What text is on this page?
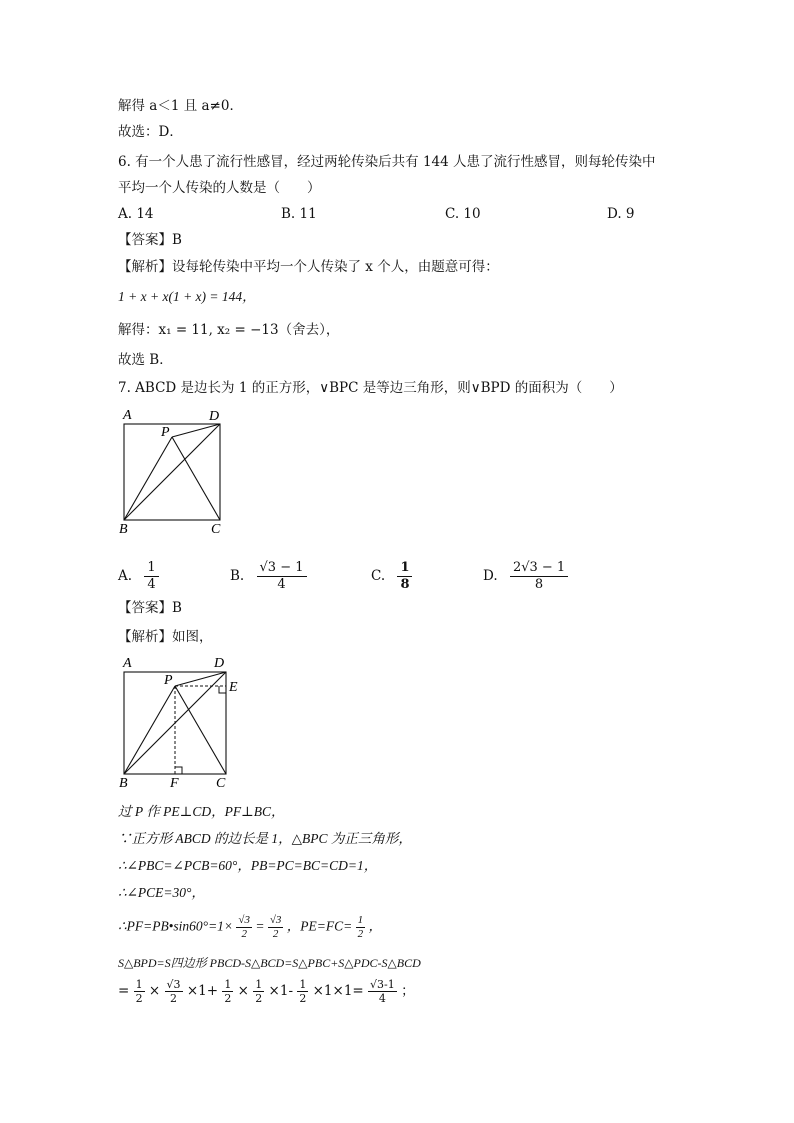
解得 a＜1 且 a≠0．
故选：D．
6. 有一个人患了流行性感冒，经过两轮传染后共有 144 人患了流行性感冒，则每轮传染中
平均一个人传染的人数是（　　）
A. 14	B. 11	C. 10	D. 9
【答案】B
【解析】设每轮传染中平均一个人传染了 x 个人，由题意可得：
1 + x + x(1 + x) = 144，
解得：x₁ = 11, x₂ = −13（舍去），
故选 B．
7. ABCD 是边长为 1 的正方形，∨BPC 是等边三角形，则∨BPD 的面积为（　　）
A	D
P
B	C
A. $\frac{1}{4}$	B. $\frac{√3 - 1}{4}$	C. $\frac{1}{8}$	D. $\frac{2√3 - 1}{8}$
【答案】B
【解析】如图，
A	D
P	E
B	F	C
过 P 作 PE⊥CD，PF⊥BC，
∵正方形 ABCD 的边长是 1，△BPC 为正三角形，
∴∠PBC=∠PCB=60°，PB=PC=BC=CD=1，
∴∠PCE=30°，
∴PF=PB•sin60°=1× $\frac{√3}{2} = \frac{√3}{2}$ ，$PE=FC= \frac{1}{2}$ ，
S△BPD=S四边形 PBCD-S△BCD=S△PBC+S△PDC-S△BCD
= $\frac{1}{2} \times \frac{√3}{2} \times 1+ \frac{1}{2} \times \frac{1}{2} \times 1- \frac{1}{2} \times 1\times 1= \frac{√3-1}{4}$ ；
